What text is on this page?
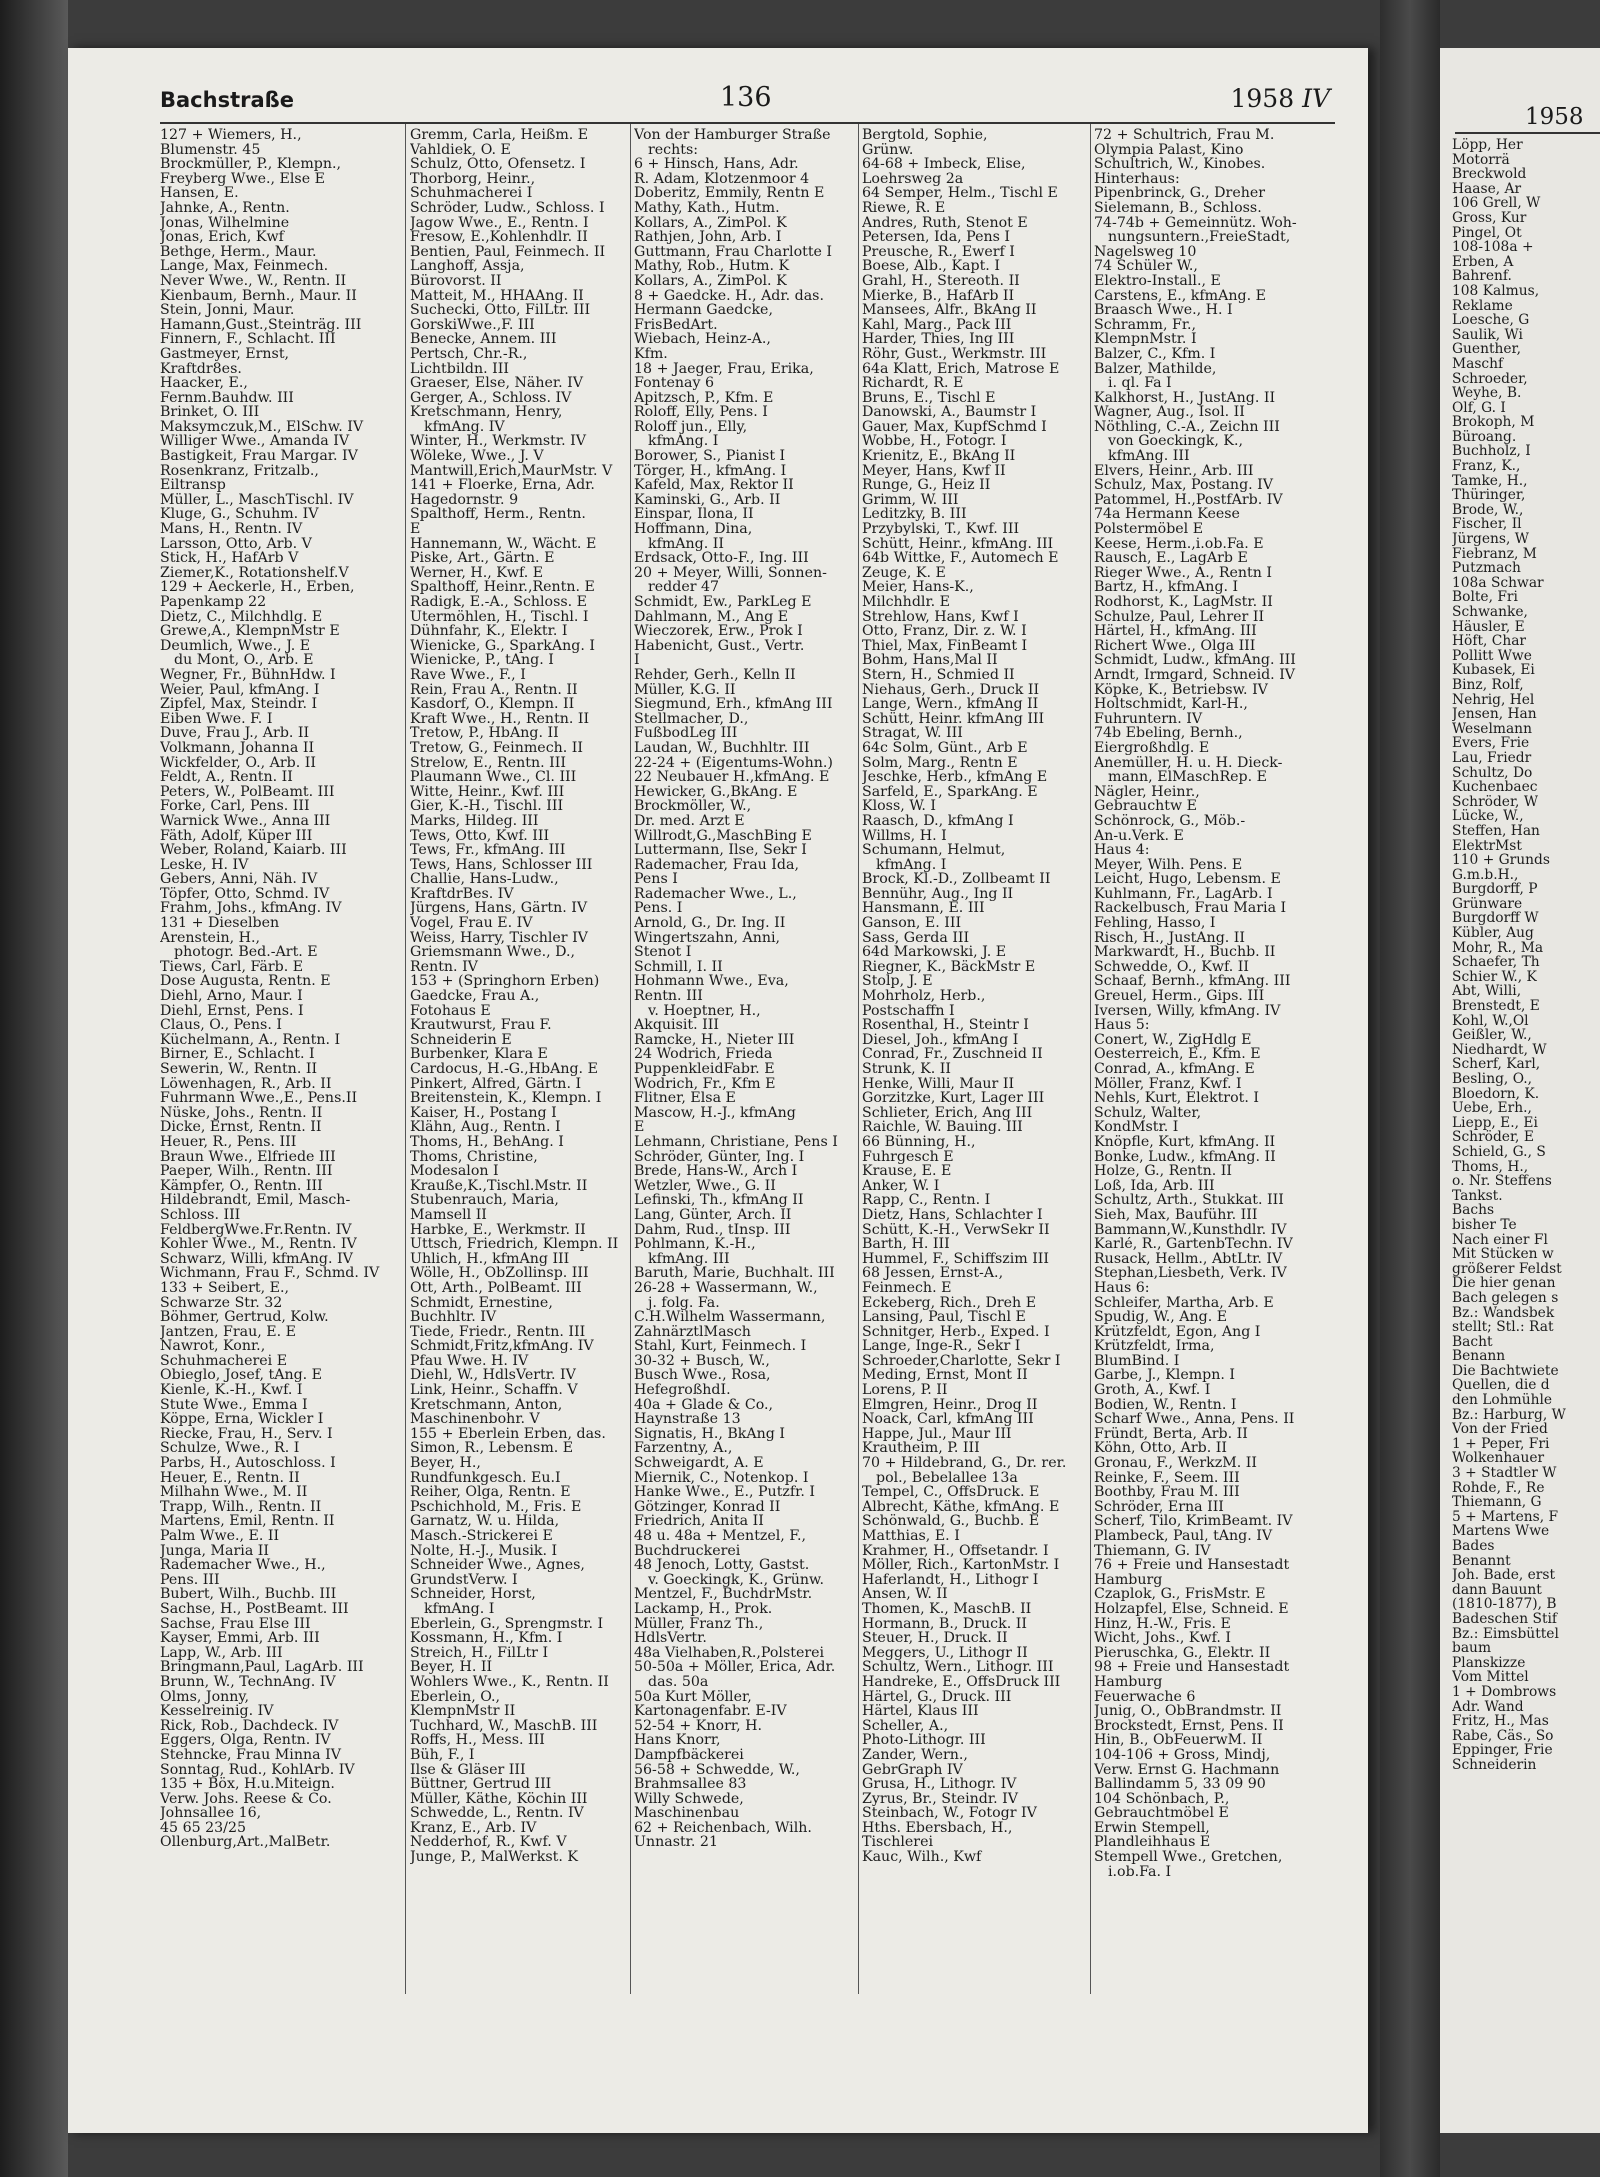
Bachstraße	136	1958 IV
127 + Wiemers, H.,
Blumenstr. 45
Brockmüller, P., Klempn.,
Freyberg Wwe., Else E
Hansen, E.
Jahnke, A., Rentn.
Jonas, Wilhelmine
Jonas, Erich, Kwf
Bethge, Herm., Maur.
Lange, Max, Feinmech.
Never Wwe., W., Rentn. II
Kienbaum, Bernh., Maur. II
Stein, Jonni, Maur.
Hamann,Gust.,Steinträg. III
Finnern, F., Schlacht. III
Gastmeyer, Ernst,
Kraftdr8es.
Haacker, E.,
Fernm.Bauhdw. III
Brinket, O. III
Maksymczuk,M., ElSchw. IV
Williger Wwe., Amanda IV
Bastigkeit, Frau Margar. IV
Rosenkranz, Fritzalb.,
Eiltransp
Müller, L., MaschTischl. IV
Kluge, G., Schuhm. IV
Mans, H., Rentn. IV
Larsson, Otto, Arb. V
Stick, H., HafArb V
Ziemer,K., Rotationshelf.V
129 + Aeckerle, H., Erben,
Papenkamp 22
Dietz, C., Milchhdlg. E
Grewe,A., KlempnMstr E
Deumlich, Wwe., J. E
du Mont, O., Arb. E
Wegner, Fr., BühnHdw. I
Weier, Paul, kfmAng. I
Zipfel, Max, Steindr. I
Eiben Wwe. F. I
Duve, Frau J., Arb. II
Volkmann, Johanna II
Wickfelder, O., Arb. II
Feldt, A., Rentn. II
Peters, W., PolBeamt. III
Forke, Carl, Pens. III
Warnick Wwe., Anna III
Fäth, Adolf, Küper III
Weber, Roland, Kaiarb. III
Leske, H. IV
Gebers, Anni, Näh. IV
Töpfer, Otto, Schmd. IV
Frahm, Johs., kfmAng. IV
131 + Dieselben
Arenstein, H.,
photogr. Bed.-Art. E
Tiews, Carl, Färb. E
Dose Augusta, Rentn. E
Diehl, Arno, Maur. I
Diehl, Ernst, Pens. I
Claus, O., Pens. I
Küchelmann, A., Rentn. I
Birner, E., Schlacht. I
Sewerin, W., Rentn. II
Löwenhagen, R., Arb. II
Fuhrmann Wwe.,E., Pens.II
Nüske, Johs., Rentn. II
Dicke, Ernst, Rentn. II
Heuer, R., Pens. III
Braun Wwe., Elfriede III
Paeper, Wilh., Rentn. III
Kämpfer, O., Rentn. III
Hildebrandt, Emil, Masch-
Schloss. III
FeldbergWwe.Fr.Rentn. IV
Kohler Wwe., M., Rentn. IV
Schwarz, Willi, kfmAng. IV
Wichmann, Frau F., Schmd. IV
133 + Seibert, E.,
Schwarze Str. 32
Böhmer, Gertrud, Kolw.
Jantzen, Frau, E. E
Nawrot, Konr.,
Schuhmacherei E
Obieglo, Josef, tAng. E
Kienle, K.-H., Kwf. I
Stute Wwe., Emma I
Köppe, Erna, Wickler I
Riecke, Frau, H., Serv. I
Schulze, Wwe., R. I
Parbs, H., Autoschloss. I
Heuer, E., Rentn. II
Milhahn Wwe., M. II
Trapp, Wilh., Rentn. II
Martens, Emil, Rentn. II
Palm Wwe., E. II
Junga, Maria II
Rademacher Wwe., H.,
Pens. III
Bubert, Wilh., Buchb. III
Sachse, H., PostBeamt. III
Sachse, Frau Else III
Kayser, Emmi, Arb. III
Lapp, W., Arb. III
Bringmann,Paul, LagArb. III
Brunn, W., TechnAng. IV
Olms, Jonny,
Kesselreinig. IV
Rick, Rob., Dachdeck. IV
Eggers, Olga, Rentn. IV
Stehncke, Frau Minna IV
Sonntag, Rud., KohlArb. IV
135 + Böx, H.u.Miteign.
Verw. Johs. Reese & Co.
Johnsallee 16,
45 65 23/25
Ollenburg,Art.,MalBetr.
Gremm, Carla, Heißm. E
Vahldiek, O. E
Schulz, Otto, Ofensetz. I
Thorborg, Heinr.,
Schuhmacherei I
Schröder, Ludw., Schloss. I
Jagow Wwe., E., Rentn. I
Fresow, E.,Kohlenhdlr. II
Bentien, Paul, Feinmech. II
Langhoff, Assja,
Bürovorst. II
Matteit, M., HHAAng. II
Suchecki, Otto, FilLtr. III
GorskiWwe.,F. III
Benecke, Annem. III
Pertsch, Chr.-R.,
Lichtbildn. III
Graeser, Else, Näher. IV
Gerger, A., Schloss. IV
Kretschmann, Henry,
kfmAng. IV
Winter, H., Werkmstr. IV
Wöleke, Wwe., J. V
Mantwill,Erich,MaurMstr. V
141 + Floerke, Erna, Adr.
Hagedornstr. 9
Spalthoff, Herm., Rentn.
E
Hannemann, W., Wächt. E
Piske, Art., Gärtn. E
Werner, H., Kwf. E
Spalthoff, Heinr.,Rentn. E
Radigk, E.-A., Schloss. E
Utermöhlen, H., Tischl. I
Dühnfahr, K., Elektr. I
Wienicke, G., SparkAng. I
Wienicke, P., tAng. I
Rave Wwe., F., I
Rein, Frau A., Rentn. II
Kasdorf, O., Klempn. II
Kraft Wwe., H., Rentn. II
Tretow, P., HbAng. II
Tretow, G., Feinmech. II
Strelow, E., Rentn. III
Plaumann Wwe., Cl. III
Witte, Heinr., Kwf. III
Gier, K.-H., Tischl. III
Marks, Hildeg. III
Tews, Otto, Kwf. III
Tews, Fr., kfmAng. III
Tews, Hans, Schlosser III
Challie, Hans-Ludw.,
KraftdrBes. IV
Jürgens, Hans, Gärtn. IV
Vogel, Frau E. IV
Weiss, Harry, Tischler IV
Griemsmann Wwe., D.,
Rentn. IV
153 + (Springhorn Erben)
Gaedcke, Frau A.,
Fotohaus E
Krautwurst, Frau F.
Schneiderin E
Burbenker, Klara E
Cardocus, H.-G.,HbAng. E
Pinkert, Alfred, Gärtn. I
Breitenstein, K., Klempn. I
Kaiser, H., Postang I
Klähn, Aug., Rentn. I
Thoms, H., BehAng. I
Thoms, Christine,
Modesalon I
Krauße,K.,Tischl.Mstr. II
Stubenrauch, Maria,
Mamsell II
Harbke, E., Werkmstr. II
Uttsch, Friedrich, Klempn. II
Uhlich, H., kfmAng III
Wölle, H., ObZollinsp. III
Ott, Arth., PolBeamt. III
Schmidt, Ernestine,
Buchhltr. IV
Tiede, Friedr., Rentn. III
Schmidt,Fritz,kfmAng. IV
Pfau Wwe. H. IV
Diehl, W., HdlsVertr. IV
Link, Heinr., Schaffn. V
Kretschmann, Anton,
Maschinenbohr. V
155 + Eberlein Erben, das.
Simon, R., Lebensm. E
Beyer, H.,
Rundfunkgesch. Eu.I
Reiher, Olga, Rentn. E
Pschichhold, M., Fris. E
Garnatz, W. u. Hilda,
Masch.-Strickerei E
Nolte, H.-J., Musik. I
Schneider Wwe., Agnes,
GrundstVerw. I
Schneider, Horst,
kfmAng. I
Eberlein, G., Sprengmstr. I
Kossmann, H., Kfm. I
Streich, H., FilLtr I
Beyer, H. II
Wohlers Wwe., K., Rentn. II
Eberlein, O.,
KlempnMstr II
Tuchhard, W., MaschB. III
Roffs, H., Mess. III
Büh, F., I
Ilse & Gläser III
Büttner, Gertrud III
Müller, Käthe, Köchin III
Schwedde, L., Rentn. IV
Kranz, E., Arb. IV
Nedderhof, R., Kwf. V
Junge, P., MalWerkst. K
Von der Hamburger Straße
rechts:
6 + Hinsch, Hans, Adr.
R. Adam, Klotzenmoor 4
Doberitz, Emmily, Rentn E
Mathy, Kath., Hutm.
Kollars, A., ZimPol. K
Rathjen, John, Arb. I
Guttmann, Frau Charlotte I
Mathy, Rob., Hutm. K
Kollars, A., ZimPol. K
8 + Gaedcke. H., Adr. das.
Hermann Gaedcke,
FrisBedArt.
Wiebach, Heinz-A.,
Kfm.
18 + Jaeger, Frau, Erika,
Fontenay 6
Apitzsch, P., Kfm. E
Roloff, Elly, Pens. I
Roloff jun., Elly,
kfmAng. I
Borower, S., Pianist I
Törger, H., kfmAng. I
Kafeld, Max, Rektor II
Kaminski, G., Arb. II
Einspar, Ilona, II
Hoffmann, Dina,
kfmAng. II
Erdsack, Otto-F., Ing. III
20 + Meyer, Willi, Sonnen-
redder 47
Schmidt, Ew., ParkLeg E
Dahlmann, M., Ang E
Wieczorek, Erw., Prok I
Habenicht, Gust., Vertr.
I
Rehder, Gerh., Kelln II
Müller, K.G. II
Siegmund, Erh., kfmAng III
Stellmacher, D.,
FußbodLeg III
Laudan, W., Buchhltr. III
22-24 + (Eigentums-Wohn.)
22 Neubauer H.,kfmAng. E
Hewicker, G.,BkAng. E
Brockmöller, W.,
Dr. med. Arzt E
Willrodt,G.,MaschBing E
Luttermann, Ilse, Sekr I
Rademacher, Frau Ida,
Pens I
Rademacher Wwe., L.,
Pens. I
Arnold, G., Dr. Ing. II
Wingertszahn, Anni,
Stenot I
Schmill, I. II
Hohmann Wwe., Eva,
Rentn. III
v. Hoeptner, H.,
Akquisit. III
Ramcke, H., Nieter III
24 Wodrich, Frieda
PuppenkleidFabr. E
Wodrich, Fr., Kfm E
Flitner, Elsa E
Mascow, H.-J., kfmAng
E
Lehmann, Christiane, Pens I
Schröder, Günter, Ing. I
Brede, Hans-W., Arch I
Wetzler, Wwe., G. II
Lefinski, Th., kfmAng II
Lang, Günter, Arch. II
Dahm, Rud., tInsp. III
Pohlmann, K.-H.,
kfmAng. III
Baruth, Marie, Buchhalt. III
26-28 + Wassermann, W.,
j. folg. Fa.
C.H.Wilhelm Wassermann,
ZahnärztlMasch
Stahl, Kurt, Feinmech. I
30-32 + Busch, W.,
Busch Wwe., Rosa,
HefegroßhdI.
40a + Glade & Co.,
Haynstraße 13
Signatis, H., BkAng I
Farzentny, A.,
Schweigardt, A. E
Miernik, C., Notenkop. I
Hanke Wwe., E., Putzfr. I
Götzinger, Konrad II
Friedrich, Anita II
48 u. 48a + Mentzel, F.,
Buchdruckerei
48 Jenoch, Lotty, Gastst.
v. Goeckingk, K., Grünw.
Mentzel, F., BuchdrMstr.
Lackamp, H., Prok.
Müller, Franz Th.,
HdlsVertr.
48a Vielhaben,R.,Polsterei
50-50a + Möller, Erica, Adr.
das. 50a
50a Kurt Möller,
Kartonagenfabr. E-IV
52-54 + Knorr, H.
Hans Knorr,
Dampfbäckerei
56-58 + Schwedde, W.,
Brahmsallee 83
Willy Schwede,
Maschinenbau
62 + Reichenbach, Wilh.
Unnastr. 21
Bergtold, Sophie,
Grünw.
64-68 + Imbeck, Elise,
Loehrsweg 2a
64 Semper, Helm., Tischl E
Riewe, R. E
Andres, Ruth, Stenot E
Petersen, Ida, Pens I
Preusche, R., Ewerf I
Boese, Alb., Kapt. I
Grahl, H., Stereoth. II
Mierke, B., HafArb II
Mansees, Alfr., BkAng II
Kahl, Marg., Pack III
Harder, Thies, Ing III
Röhr, Gust., Werkmstr. III
64a Klatt, Erich, Matrose E
Richardt, R. E
Bruns, E., Tischl E
Danowski, A., Baumstr I
Gauer, Max, KupfSchmd I
Wobbe, H., Fotogr. I
Krienitz, E., BkAng II
Meyer, Hans, Kwf II
Runge, G., Heiz II
Grimm, W. III
Leditzky, B. III
Przybylski, T., Kwf. III
Schütt, Heinr., kfmAng. III
64b Wittke, F., Automech E
Zeuge, K. E
Meier, Hans-K.,
Milchhdlr. E
Strehlow, Hans, Kwf I
Otto, Franz, Dir. z. W. I
Thiel, Max, FinBeamt I
Bohm, Hans,Mal II
Stern, H., Schmied II
Niehaus, Gerh., Druck II
Lange, Wern., kfmAng II
Schütt, Heinr. kfmAng III
Stragat, W. III
64c Solm, Günt., Arb E
Solm, Marg., Rentn E
Jeschke, Herb., kfmAng E
Sarfeld, E., SparkAng. E
Kloss, W. I
Raasch, D., kfmAng I
Willms, H. I
Schumann, Helmut,
kfmAng. I
Brock, Kl.-D., Zollbeamt II
Bennühr, Aug., Ing II
Hansmann, E. III
Ganson, E. III
Sass, Gerda III
64d Markowski, J. E
Riegner, K., BäckMstr E
Stolp, J. E
Mohrholz, Herb.,
Postschaffn I
Rosenthal, H., Steintr I
Diesel, Joh., kfmAng I
Conrad, Fr., Zuschneid II
Strunk, K. II
Henke, Willi, Maur II
Gorzitzke, Kurt, Lager III
Schlieter, Erich, Ang III
Raichle, W. Bauing. III
66 Bünning, H.,
Fuhrgesch E
Krause, E. E
Anker, W. I
Rapp, C., Rentn. I
Dietz, Hans, Schlachter I
Schütt, K.-H., VerwSekr II
Barth, H. III
Hummel, F., Schiffszim III
68 Jessen, Ernst-A.,
Feinmech. E
Eckeberg, Rich., Dreh E
Lansing, Paul, Tischl E
Schnitger, Herb., Exped. I
Lange, Inge-R., Sekr I
Schroeder,Charlotte, Sekr I
Meding, Ernst, Mont II
Lorens, P. II
Elmgren, Heinr., Drog II
Noack, Carl, kfmAng III
Happe, Jul., Maur III
Krautheim, P. III
70 + Hildebrand, G., Dr. rer.
pol., Bebelallee 13a
Tempel, C., OffsDruck. E
Albrecht, Käthe, kfmAng. E
Schönwald, G., Buchb. E
Matthias, E. I
Krahmer, H., Offsetandr. I
Möller, Rich., KartonMstr. I
Haferlandt, H., Lithogr I
Ansen, W. II
Thomen, K., MaschB. II
Hormann, B., Druck. II
Steuer, H., Druck. II
Meggers, U., Lithogr II
Schultz, Wern., Lithogr. III
Handreke, E., OffsDruck III
Härtel, G., Druck. III
Härtel, Klaus III
Scheller, A.,
Photo-Lithogr. III
Zander, Wern.,
GebrGraph IV
Grusa, H., Lithogr. IV
Zyrus, Br., Steindr. IV
Steinbach, W., Fotogr IV
Hths. Ebersbach, H.,
Tischlerei
Kauc, Wilh., Kwf
72 + Schultrich, Frau M.
Olympia Palast, Kino
Schultrich, W., Kinobes.
Hinterhaus:
Pipenbrinck, G., Dreher
Sielemann, B., Schloss.
74-74b + Gemeinnütz. Woh-
nungsuntern.,FreieStadt,
Nagelsweg 10
74 Schüler W.,
Elektro-Install., E
Carstens, E., kfmAng. E
Braasch Wwe., H. I
Schramm, Fr.,
KlempnMstr. I
Balzer, C., Kfm. I
Balzer, Mathilde,
i. ql. Fa I
Kalkhorst, H., JustAng. II
Wagner, Aug., Isol. II
Nöthling, C.-A., Zeichn III
von Goeckingk, K.,
kfmAng. III
Elvers, Heinr., Arb. III
Schulz, Max, Postang. IV
Patommel, H.,PostfArb. IV
74a Hermann Keese
Polstermöbel E
Keese, Herm.,i.ob.Fa. E
Rausch, E., LagArb E
Rieger Wwe., A., Rentn I
Bartz, H., kfmAng. I
Rodhorst, K., LagMstr. II
Schulze, Paul, Lehrer II
Härtel, H., kfmAng. III
Richert Wwe., Olga III
Schmidt, Ludw., kfmAng. III
Arndt, Irmgard, Schneid. IV
Köpke, K., Betriebsw. IV
Holtschmidt, Karl-H.,
Fuhruntern. IV
74b Ebeling, Bernh.,
Eiergroßhdlg. E
Anemüller, H. u. H. Dieck-
mann, ElMaschRep. E
Nägler, Heinr.,
Gebrauchtw E
Schönrock, G., Möb.-
An-u.Verk. E
Haus 4:
Meyer, Wilh. Pens. E
Leicht, Hugo, Lebensm. E
Kuhlmann, Fr., LagArb. I
Rackelbusch, Frau Maria I
Fehling, Hasso, I
Risch, H., JustAng. II
Markwardt, H., Buchb. II
Schwedde, O., Kwf. II
Schaaf, Bernh., kfmAng. III
Greuel, Herm., Gips. III
Iversen, Willy, kfmAng. IV
Haus 5:
Conert, W., ZigHdlg E
Oesterreich, E., Kfm. E
Conrad, A., kfmAng. E
Möller, Franz, Kwf. I
Nehls, Kurt, Elektrot. I
Schulz, Walter,
KondMstr. I
Knöpfle, Kurt, kfmAng. II
Bonke, Ludw., kfmAng. II
Holze, G., Rentn. II
Loß, Ida, Arb. III
Schultz, Arth., Stukkat. III
Sieh, Max, Bauführ. III
Bammann,W.,Kunsthdlr. IV
Karlé, R., GartenbTechn. IV
Rusack, Hellm., AbtLtr. IV
Stephan,Liesbeth, Verk. IV
Haus 6:
Schleifer, Martha, Arb. E
Spudig, W., Ang. E
Krützfeldt, Egon, Ang I
Krützfeldt, Irma,
BlumBind. I
Garbe, J., Klempn. I
Groth, A., Kwf. I
Bodien, W., Rentn. I
Scharf Wwe., Anna, Pens. II
Fründt, Berta, Arb. II
Köhn, Otto, Arb. II
Gronau, F., WerkzM. II
Reinke, F., Seem. III
Boothby, Frau M. III
Schröder, Erna III
Scherf, Tilo, KrimBeamt. IV
Plambeck, Paul, tAng. IV
Thiemann, G. IV
76 + Freie und Hansestadt
Hamburg
Czaplok, G., FrisMstr. E
Holzapfel, Else, Schneid. E
Hinz, H.-W., Fris. E
Wicht, Johs., Kwf. I
Pieruschka, G., Elektr. II
98 + Freie und Hansestadt
Hamburg
Feuerwache 6
Junig, O., ObBrandmstr. II
Brockstedt, Ernst, Pens. II
Hin, B., ObFeuerwM. II
104-106 + Gross, Mindj,
Verw. Ernst G. Hachmann
Ballindamm 5, 33 09 90
104 Schönbach, P.,
Gebrauchtmöbel E
Erwin Stempell,
Plandleihhaus E
Stempell Wwe., Gretchen,
i.ob.Fa. I
1958
Löpp, Her
Motorrä
Breckwold
Haase, Ar
106 Grell, W
Gross, Kur
Pingel, Ot
108-108a +
Erben, A
Bahrenf.
108 Kalmus,
Reklame
Loesche, G
Saulik, Wi
Guenther,
Maschf
Schroeder,
Weyhe, B.
Olf, G. I
Brokoph, M
Büroang.
Buchholz, I
Franz, K.,
Tamke, H.,
Thüringer,
Brode, W.,
Fischer, Il
Jürgens, W
Fiebranz, M
Putzmach
108a Schwar
Bolte, Fri
Schwanke,
Häusler, E
Höft, Char
Pollitt Wwe
Kubasek, Ei
Binz, Rolf,
Nehrig, Hel
Jensen, Han
Weselmann
Evers, Frie
Lau, Friedr
Schultz, Do
Kuchenbaec
Schröder, W
Lücke, W.,
Steffen, Han
ElektrMst
110 + Grunds
G.m.b.H.,
Burgdorff, P
Grünware
Burgdorff W
Kübler, Aug
Mohr, R., Ma
Schaefer, Th
Schier W., K
Abt, Willi,
Brenstedt, E
Kohl, W.,Ol
Geißler, W.,
Niedhardt, W
Scherf, Karl,
Besling, O.,
Bloedorn, K.
Uebe, Erh.,
Liepp, E., Ei
Schröder, E
Schield, G., S
Thoms, H.,
o. Nr. Steffens
Tankst.
Bachs
bisher Te
Nach einer Fl
Mit Stücken w
größerer Feldst
Die hier genan
Bach gelegen s
Bz.: Wandsbek
stellt; Stl.: Rat
Bacht
Benann
Die Bachtwiete
Quellen, die d
den Lohmühle
Bz.: Harburg, W
Von der Fried
1 + Peper, Fri
Wolkenhauer
3 + Stadtler W
Rohde, F., Re
Thiemann, G
5 + Martens, F
Martens Wwe
Bades
Benannt
Joh. Bade, erst
dann Bauunt
(1810-1877), B
Badeschen Stif
Bz.: Eimsbüttel
baum
Planskizze
Vom Mittel
1 + Dombrows
Adr. Wand
Fritz, H., Mas
Rabe, Cäs., So
Eppinger, Frie
Schneiderin
